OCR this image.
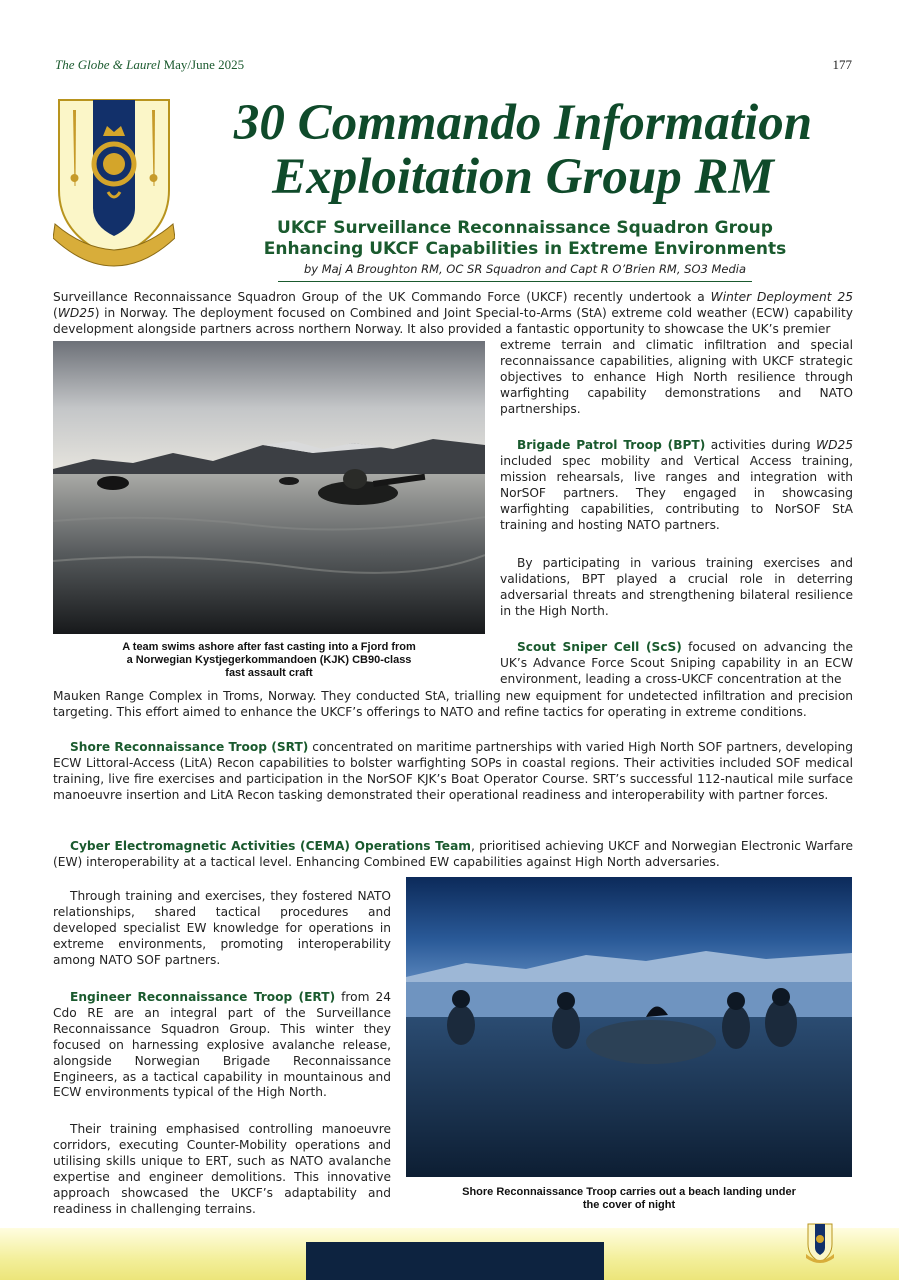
The Globe & Laurel May/June 2025	177
30 Commando Information
Exploitation Group RM
UKCF Surveillance Reconnaissance Squadron Group
Enhancing UKCF Capabilities in Extreme Environments
by Maj A Broughton RM, OC SR Squadron and Capt R O’Brien RM, SO3 Media

Surveillance Reconnaissance Squadron Group of the UK Commando Force (UKCF) recently undertook a Winter Deployment 25 (WD25) in Norway. The deployment focused on Combined and Joint Special-to-Arms (StA) extreme cold weather (ECW) capability development alongside partners across northern Norway. It also provided a fantastic opportunity to showcase the UK’s premier

A team swims ashore after fast casting into a Fjord from
a Norwegian Kystjegerkommandoen (KJK) CB90-class
fast assault craft

extreme terrain and climatic infiltration and special reconnaissance capabilities, aligning with UKCF strategic objectives to enhance High North resilience through warfighting capability demonstrations and NATO partnerships.

Brigade Patrol Troop (BPT) activities during WD25 included spec mobility and Vertical Access training, mission rehearsals, live ranges and integration with NorSOF partners. They engaged in showcasing warfighting capabilities, contributing to NorSOF StA training and hosting NATO partners.

By participating in various training exercises and validations, BPT played a crucial role in deterring adversarial threats and strengthening bilateral resilience in the High North.

Scout Sniper Cell (ScS) focused on advancing the UK’s Advance Force Scout Sniping capability in an ECW environment, leading a cross-UKCF concentration at the

Mauken Range Complex in Troms, Norway. They conducted StA, trialling new equipment for undetected infiltration and precision targeting. This effort aimed to enhance the UKCF’s offerings to NATO and refine tactics for operating in extreme conditions.

Shore Reconnaissance Troop (SRT) concentrated on maritime partnerships with varied High North SOF partners, developing ECW Littoral-Access (LitA) Recon capabilities to bolster warfighting SOPs in coastal regions. Their activities included SOF medical training, live fire exercises and participation in the NorSOF KJK’s Boat Operator Course. SRT’s successful 112-nautical mile surface manoeuvre insertion and LitA Recon tasking demonstrated their operational readiness and interoperability with partner forces.

Cyber Electromagnetic Activities (CEMA) Operations Team, prioritised achieving UKCF and Norwegian Electronic Warfare (EW) interoperability at a tactical level. Enhancing Combined EW capabilities against High North adversaries.

Through training and exercises, they fostered NATO relationships, shared tactical procedures and developed specialist EW knowledge for operations in extreme environments, promoting interoperability among NATO SOF partners.

Engineer Reconnaissance Troop (ERT) from 24 Cdo RE are an integral part of the Surveillance Reconnaissance Squadron Group. This winter they focused on harnessing explosive avalanche release, alongside Norwegian Brigade Reconnaissance Engineers, as a tactical capability in mountainous and ECW environments typical of the High North.

Their training emphasised controlling manoeuvre corridors, executing Counter-Mobility operations and utilising skills unique to ERT, such as NATO avalanche expertise and engineer demolitions. This innovative approach showcased the UKCF’s adaptability and readiness in challenging terrains.

Shore Reconnaissance Troop carries out a beach landing under
the cover of night
